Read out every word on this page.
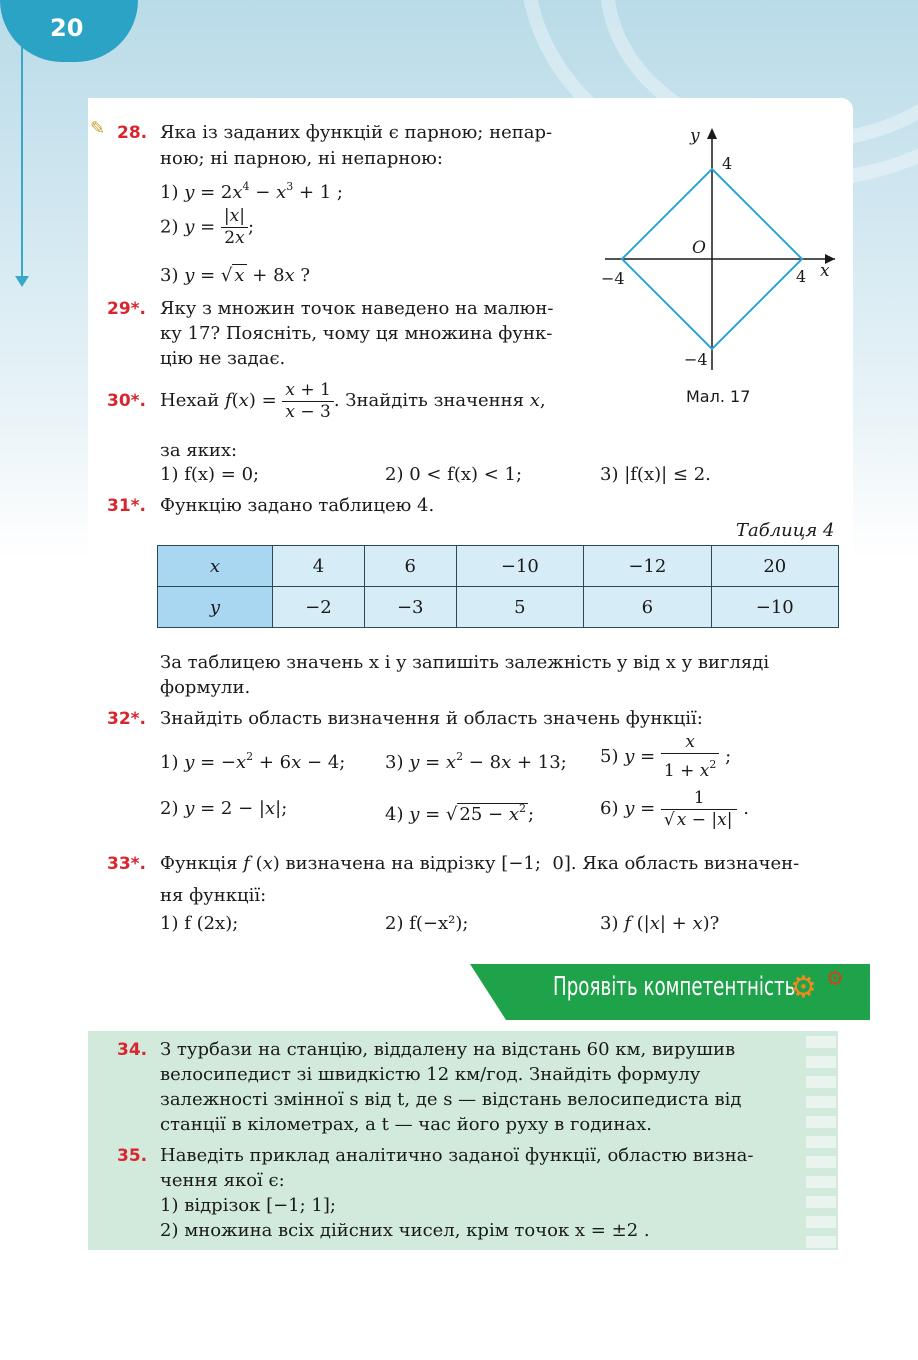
20
✎ 28. Яка із заданих функцій є парною; непар-
ною; ні парною, ні непарною:
1) $y = 2x^4 - x^3 + 1$ ;
2) $y = \frac{|x|}{2x}$ ;
3) y = √ x + 8x ?
y
x
O
4
−4
−4	4
Мал. 17
29*. Яку з множин точок наведено на малюн-
ку 17? Поясніть, чому ця множина функ-
цію не задає.
30*. Нехай $f(x) = \frac{x + 1}{x - 3}$ . Знайдіть значення x,
за яких:
1) f(x) = 0;	2) 0 < f(x) < 1;	3) |f(x)| ≤ 2.
31*. Функцію задано таблицею 4.
Таблиця 4
x	4	6	−10	−12	20
y	−2	−3	5	6	−10
За таблицею значень x і y запишіть залежність y від x у вигляді
формули.
32*. Знайдіть область визначення й область значень функції:
1) $y = -x^2 + 6x - 4$; 3) $y = x^2 - 8x + 13$; 5) $y = \frac{x}{1 + x^2}$ ;
2) y = 2 − |x|;	4) y = √ $25 - x^2$ ;	6) $y = \frac{1}{√ x - |x|}$ .
33*. Функція f (x) визначена на відрізку [−1;  0]. Яка область визначен-
ня функції:
1) f (2x);	2) f(−x²);	3) f (|x| + x)?
Проявіть компетентність
⚙ ⚙
34. З турбази на станцію, віддалену на відстань 60 км, вирушив
велосипедист зі швидкістю 12 км/год. Знайдіть формулу
залежності змінної s від t, де s — відстань велосипедиста від
станції в кілометрах, а t — час його руху в годинах.
35. Наведіть приклад аналітично заданої функції, областю визна-
чення якої є:
1) відрізок [−1; 1];
2) множина всіх дійсних чисел, крім точок x = ±2 .
